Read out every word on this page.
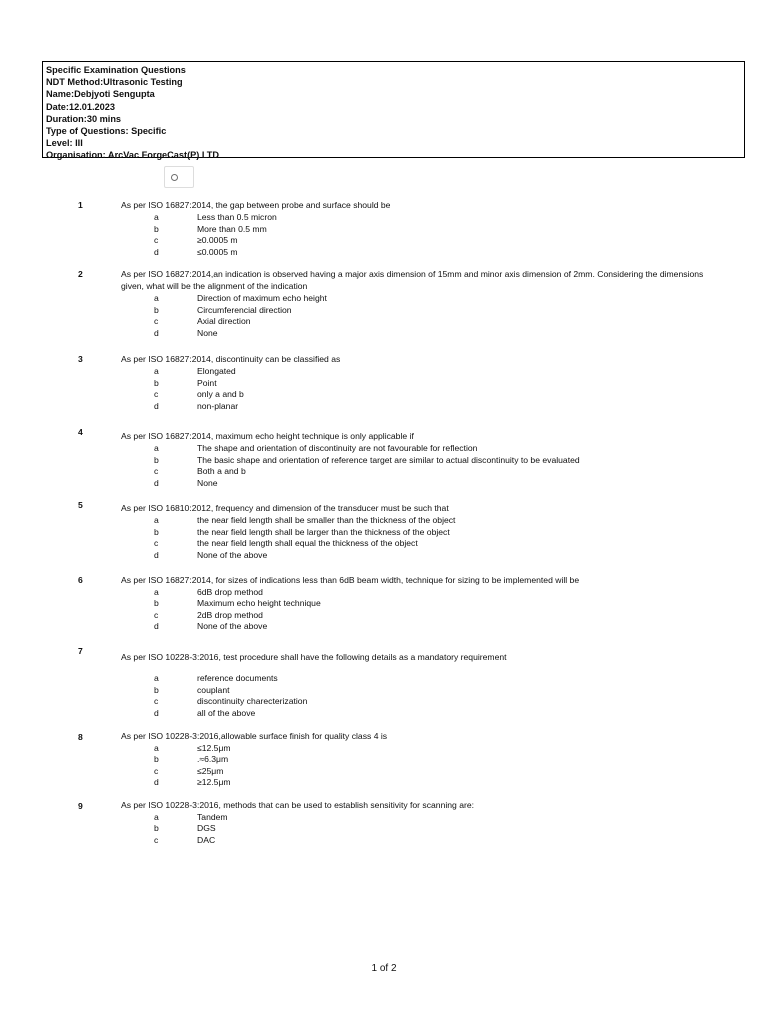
Specific Examination Questions
NDT Method:Ultrasonic Testing
Name:Debjyoti Sengupta
Date:12.01.2023
Duration:30 mins
Type of Questions: Specific
Level: III
Organisation: ArcVac ForgeCast(P) LTD
1	As per ISO 16827:2014, the gap between probe and surface should be
a	Less than 0.5 micron
b	More than 0.5 mm
c	≥0.0005 m
d	≤0.0005 m
2	As per ISO 16827:2014,an indication is observed having a major axis dimension of 15mm and minor axis dimension of 2mm. Considering the dimensions given, what will be the alignment of the indication
a	Direction of maximum echo height
b	Circumferencial direction
c	Axial direction
d	None
3	As per ISO 16827:2014, discontinuity can be classified as
a	Elongated
b	Point
c	only a and b
d	non-planar
4	As per ISO 16827:2014, maximum echo height technique is only applicable if
a	The shape and orientation of discontinuity are not favourable for reflection
b	The basic shape and orientation of reference target are similar to actual discontinuity to be evaluated
c	Both a and b
d	None
5	As per ISO 16810:2012, frequency and dimension of the transducer must be such that
a	the near field length shall be smaller than the thickness of the object
b	the near field length shall be larger than the thickness of the object
c	the near field length shall equal the thickness of the object
d	None of the above
6	As per ISO 16827:2014, for sizes of indications less than 6dB beam width, technique for sizing to be implemented will be
a	6dB drop method
b	Maximum echo height technique
c	2dB drop method
d	None of the above
7
As per ISO 10228-3:2016, test procedure shall have the following details as a mandatory requirement
a	reference documents
b	couplant
c	discontinuity charecterization
d	all of the above
8	As per ISO 10228-3:2016,allowable surface finish for quality class 4 is
a	≤12.5μm
b	.≈6.3μm
c	≤25μm
d	≥12.5μm
9	As per ISO 10228-3:2016, methods that can be used to establish sensitivity for scanning are:
a	Tandem
b	DGS
c	DAC
1 of 2
